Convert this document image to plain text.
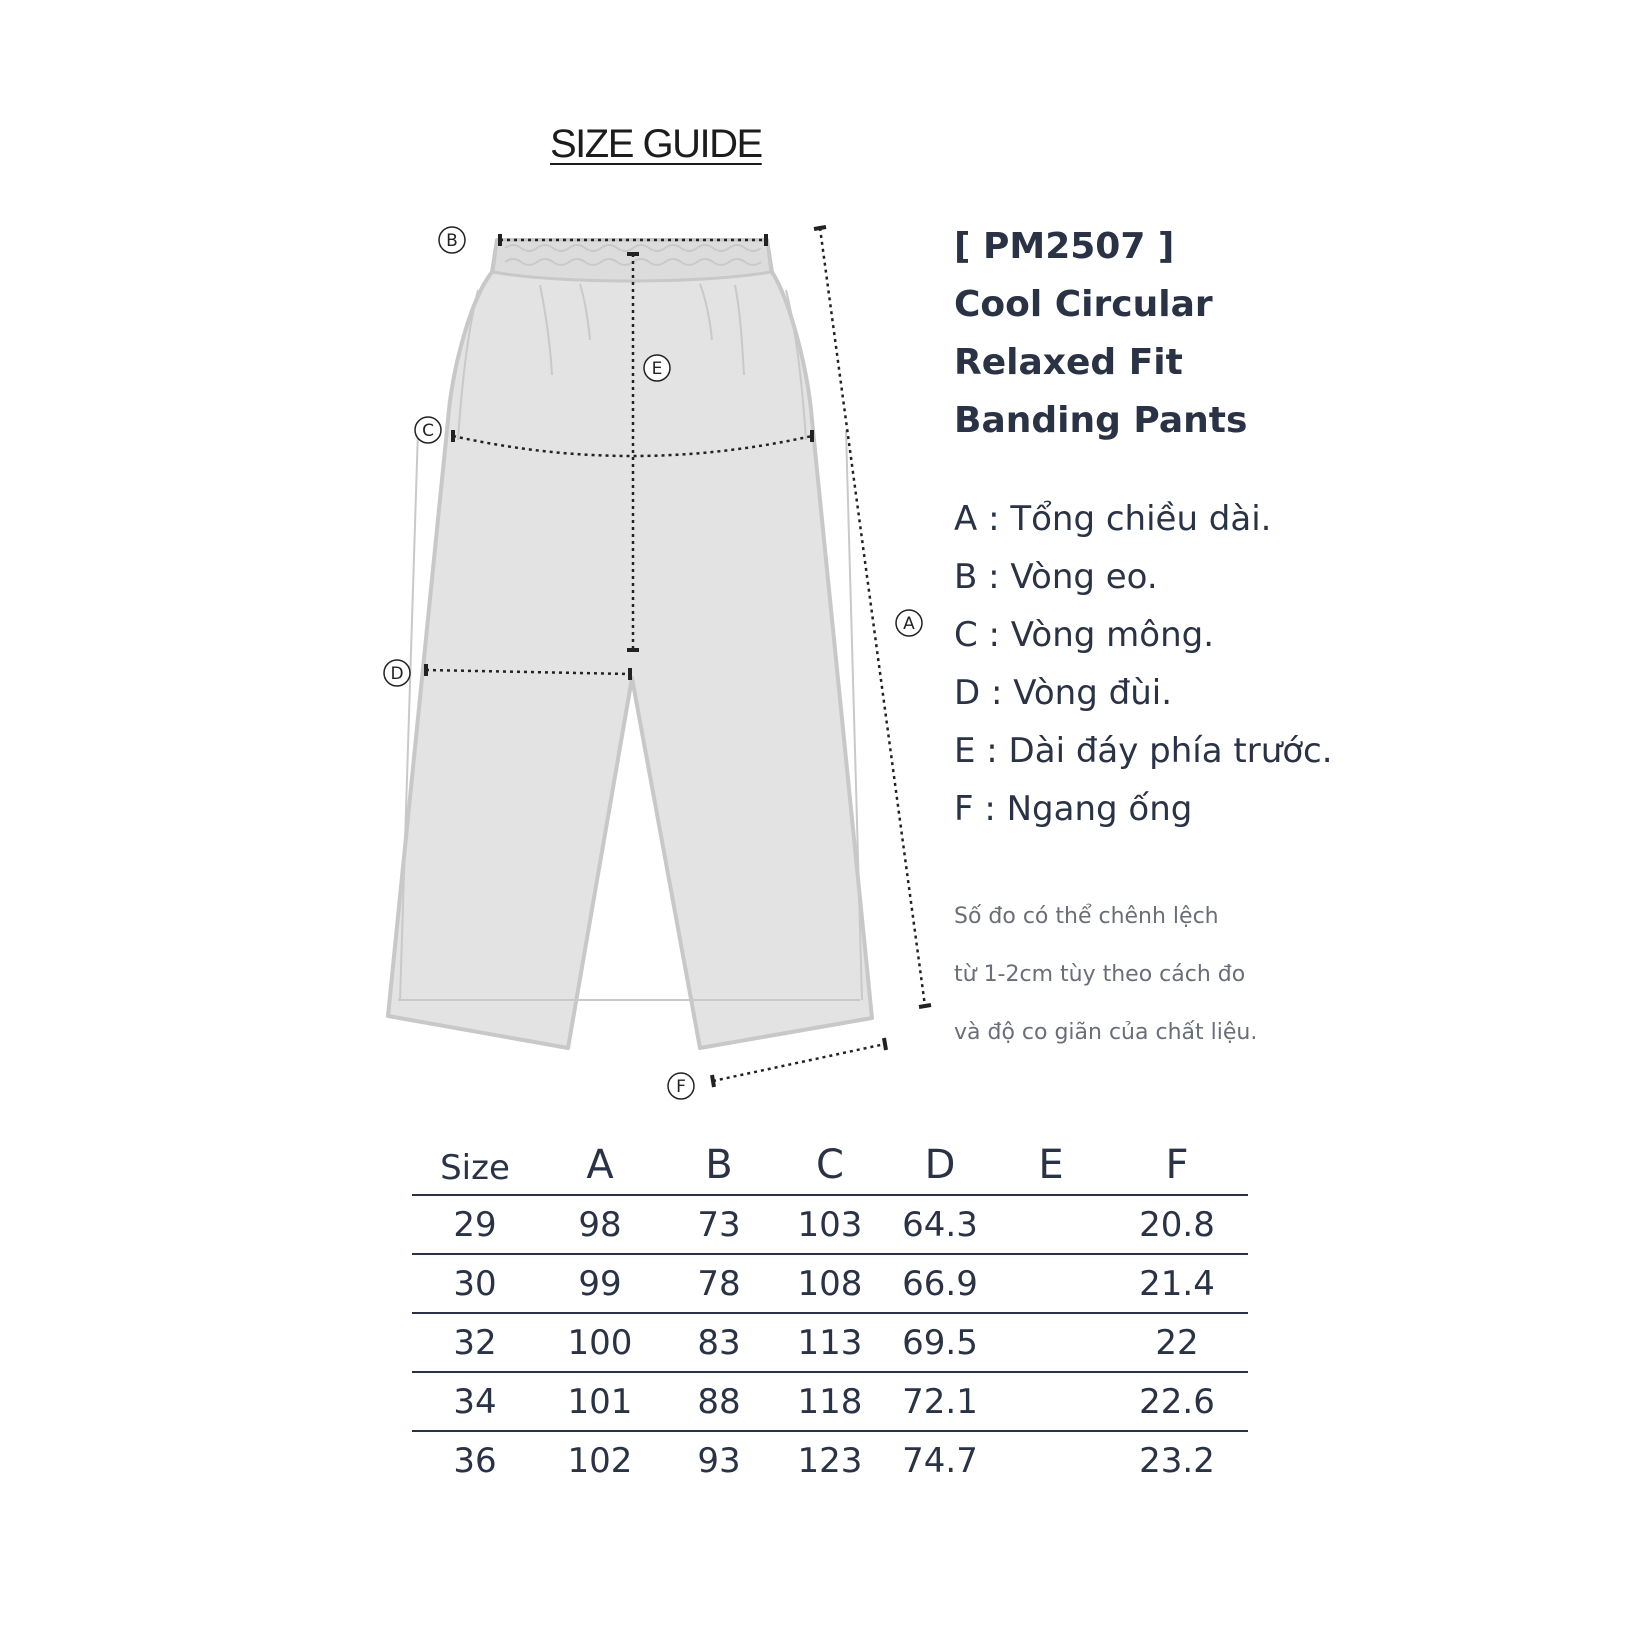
SIZE GUIDE
A
B
C
D
E
F
[ PM2507 ]
Cool Circular
Relaxed Fit
Banding Pants
A : Tổng chiều dài.
B : Vòng eo.
C : Vòng mông.
D : Vòng đùi.
E : Dài đáy phía trước.
F : Ngang ống
Số đo có thể chênh lệch
từ 1-2cm tùy theo cách đo
và độ co giãn của chất liệu.
Size	A	B	C	D	E	F
29	98	73	103	64.3		20.8
30	99	78	108	66.9		21.4
32	100	83	113	69.5		22
34	101	88	118	72.1		22.6
36	102	93	123	74.7		23.2
